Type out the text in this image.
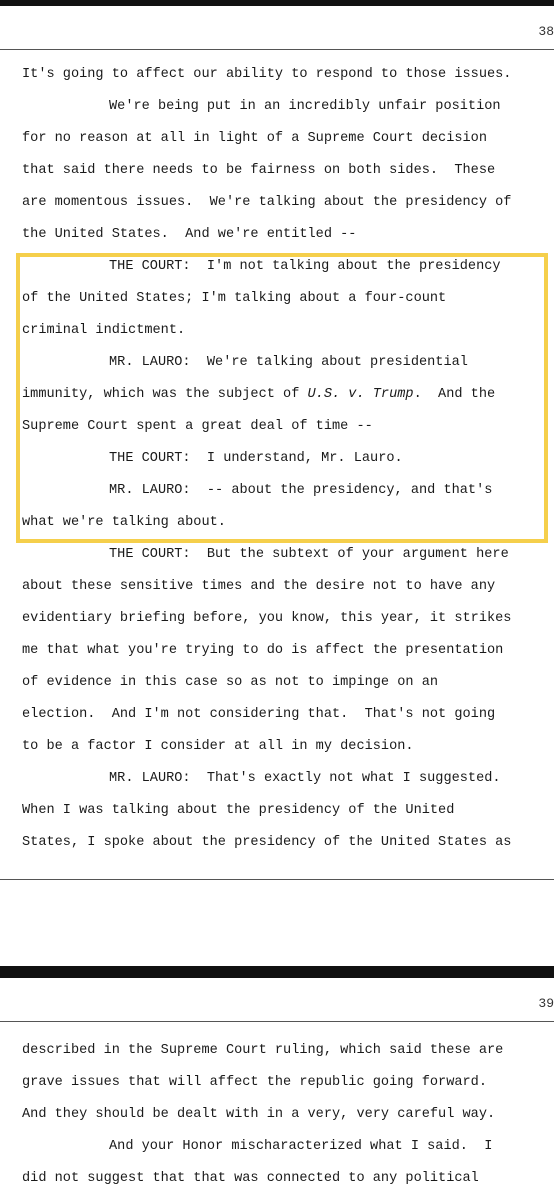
38
It's going to affect our ability to respond to those issues.
We're being put in an incredibly unfair position
for no reason at all in light of a Supreme Court decision
that said there needs to be fairness on both sides.  These
are momentous issues.  We're talking about the presidency of
the United States.  And we're entitled --
THE COURT:  I'm not talking about the presidency
of the United States; I'm talking about a four-count
criminal indictment.
MR. LAURO:  We're talking about presidential
immunity, which was the subject of U.S. v. Trump.  And the
Supreme Court spent a great deal of time --
THE COURT:  I understand, Mr. Lauro.
MR. LAURO:  -- about the presidency, and that's
what we're talking about.
THE COURT:  But the subtext of your argument here
about these sensitive times and the desire not to have any
evidentiary briefing before, you know, this year, it strikes
me that what you're trying to do is affect the presentation
of evidence in this case so as not to impinge on an
election.  And I'm not considering that.  That's not going
to be a factor I consider at all in my decision.
MR. LAURO:  That's exactly not what I suggested.
When I was talking about the presidency of the United
States, I spoke about the presidency of the United States as
39
described in the Supreme Court ruling, which said these are
grave issues that will affect the republic going forward.
And they should be dealt with in a very, very careful way.
And your Honor mischaracterized what I said.  I
did not suggest that that was connected to any political
